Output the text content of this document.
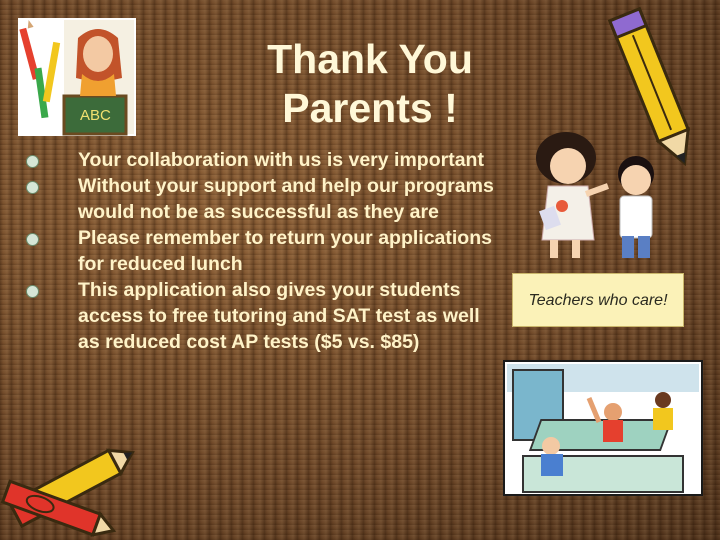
ABC
Thank You
Parents !
Your collaboration with us is very important
Without your support and help our programs would not be as successful as they are
Please remember to return your applications for reduced lunch
This application also gives your students access to free tutoring and SAT test as well as reduced cost AP tests ($5 vs. $85)
Teachers who care!
